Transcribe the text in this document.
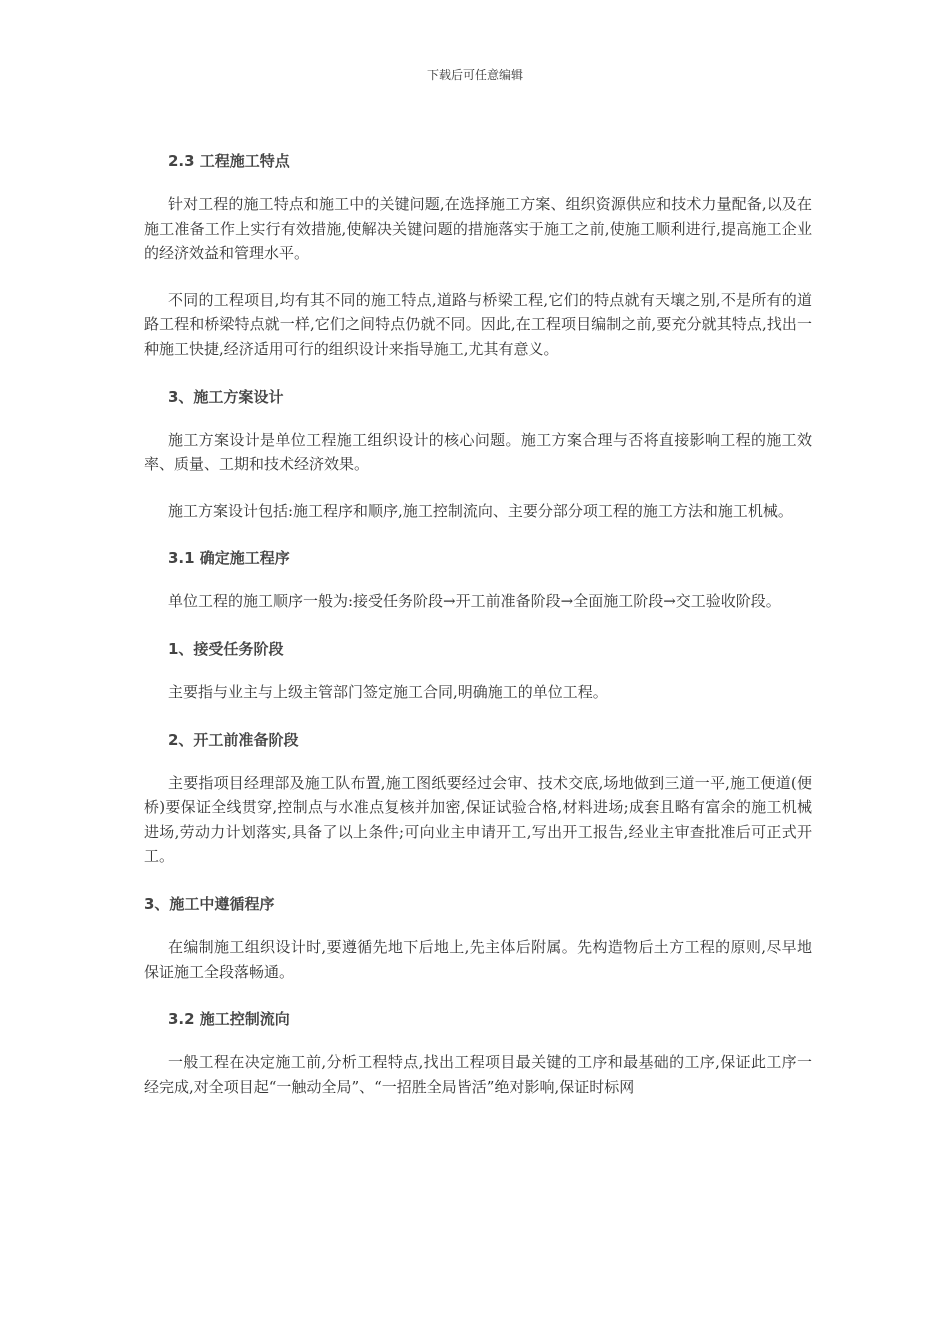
下载后可任意编辑
2.3 工程施工特点

针对工程的施工特点和施工中的关键问题,在选择施工方案、组织资源供应和技术力量配备,以及在施工准备工作上实行有效措施,使解决关键问题的措施落实于施工之前,使施工顺利进行,提高施工企业的经济效益和管理水平。

不同的工程项目,均有其不同的施工特点,道路与桥梁工程,它们的特点就有天壤之别,不是所有的道路工程和桥梁特点就一样,它们之间特点仍就不同。因此,在工程项目编制之前,要充分就其特点,找出一种施工快捷,经济适用可行的组织设计来指导施工,尤其有意义。

3、施工方案设计

施工方案设计是单位工程施工组织设计的核心问题。施工方案合理与否将直接影响工程的施工效率、质量、工期和技术经济效果。

施工方案设计包括:施工程序和顺序,施工控制流向、主要分部分项工程的施工方法和施工机械。

3.1 确定施工程序

单位工程的施工顺序一般为:接受任务阶段→开工前准备阶段→全面施工阶段→交工验收阶段。

1、接受任务阶段

主要指与业主与上级主管部门签定施工合同,明确施工的单位工程。

2、开工前准备阶段

主要指项目经理部及施工队布置,施工图纸要经过会审、技术交底,场地做到三道一平,施工便道(便桥)要保证全线贯穿,控制点与水准点复核并加密,保证试验合格,材料进场;成套且略有富余的施工机械进场,劳动力计划落实,具备了以上条件;可向业主申请开工,写出开工报告,经业主审查批准后可正式开工。

3、施工中遵循程序

在编制施工组织设计时,要遵循先地下后地上,先主体后附属。先构造物后土方工程的原则,尽早地保证施工全段落畅通。

3.2 施工控制流向

一般工程在决定施工前,分析工程特点,找出工程项目最关键的工序和最基础的工序,保证此工序一经完成,对全项目起“一触动全局”、“一招胜全局皆活”绝对影响,保证时标网
